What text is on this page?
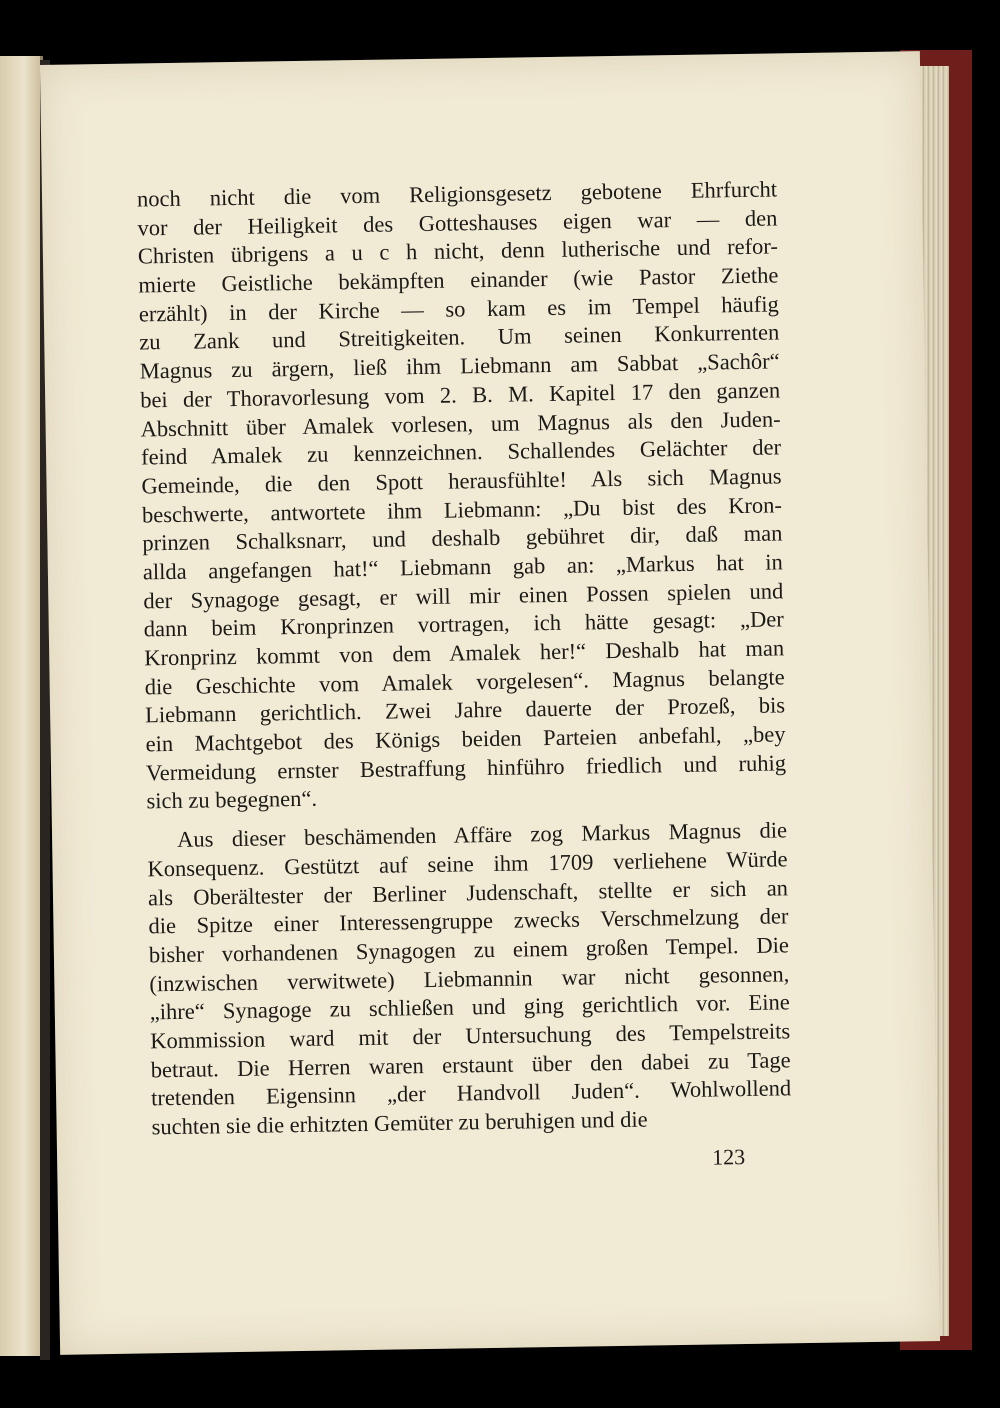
noch nicht die vom Religionsgesetz gebotene Ehrfurcht
vor der Heiligkeit des Gotteshauses eigen war — den
Christen übrigens a u c h nicht, denn lutherische und refor-
mierte Geistliche bekämpften einander (wie Pastor Ziethe
erzählt) in der Kirche — so kam es im Tempel häufig
zu Zank und Streitigkeiten. Um seinen Konkurrenten
Magnus zu ärgern, ließ ihm Liebmann am Sabbat „Sachôr“
bei der Thoravorlesung vom 2. B. M. Kapitel 17 den ganzen
Abschnitt über Amalek vorlesen, um Magnus als den Juden-
feind Amalek zu kennzeichnen. Schallendes Gelächter der
Gemeinde, die den Spott herausfühlte! Als sich Magnus
beschwerte, antwortete ihm Liebmann: „Du bist des Kron-
prinzen Schalksnarr, und deshalb gebühret dir, daß man
allda angefangen hat!“ Liebmann gab an: „Markus hat in
der Synagoge gesagt, er will mir einen Possen spielen und
dann beim Kronprinzen vortragen, ich hätte gesagt: „Der
Kronprinz kommt von dem Amalek her!“ Deshalb hat man
die Geschichte vom Amalek vorgelesen“. Magnus belangte
Liebmann gerichtlich. Zwei Jahre dauerte der Prozeß, bis
ein Machtgebot des Königs beiden Parteien anbefahl, „bey
Vermeidung ernster Bestraffung hinführo friedlich und ruhig
sich zu begegnen“.
Aus dieser beschämenden Affäre zog Markus Magnus die
Konsequenz. Gestützt auf seine ihm 1709 verliehene Würde
als Oberältester der Berliner Judenschaft, stellte er sich an
die Spitze einer Interessengruppe zwecks Verschmelzung der
bisher vorhandenen Synagogen zu einem großen Tempel. Die
(inzwischen verwitwete) Liebmannin war nicht gesonnen,
„ihre“ Synagoge zu schließen und ging gerichtlich vor. Eine
Kommission ward mit der Untersuchung des Tempelstreits
betraut. Die Herren waren erstaunt über den dabei zu Tage
tretenden Eigensinn „der Handvoll Juden“. Wohlwollend
suchten sie die erhitzten Gemüter zu beruhigen und die
123
